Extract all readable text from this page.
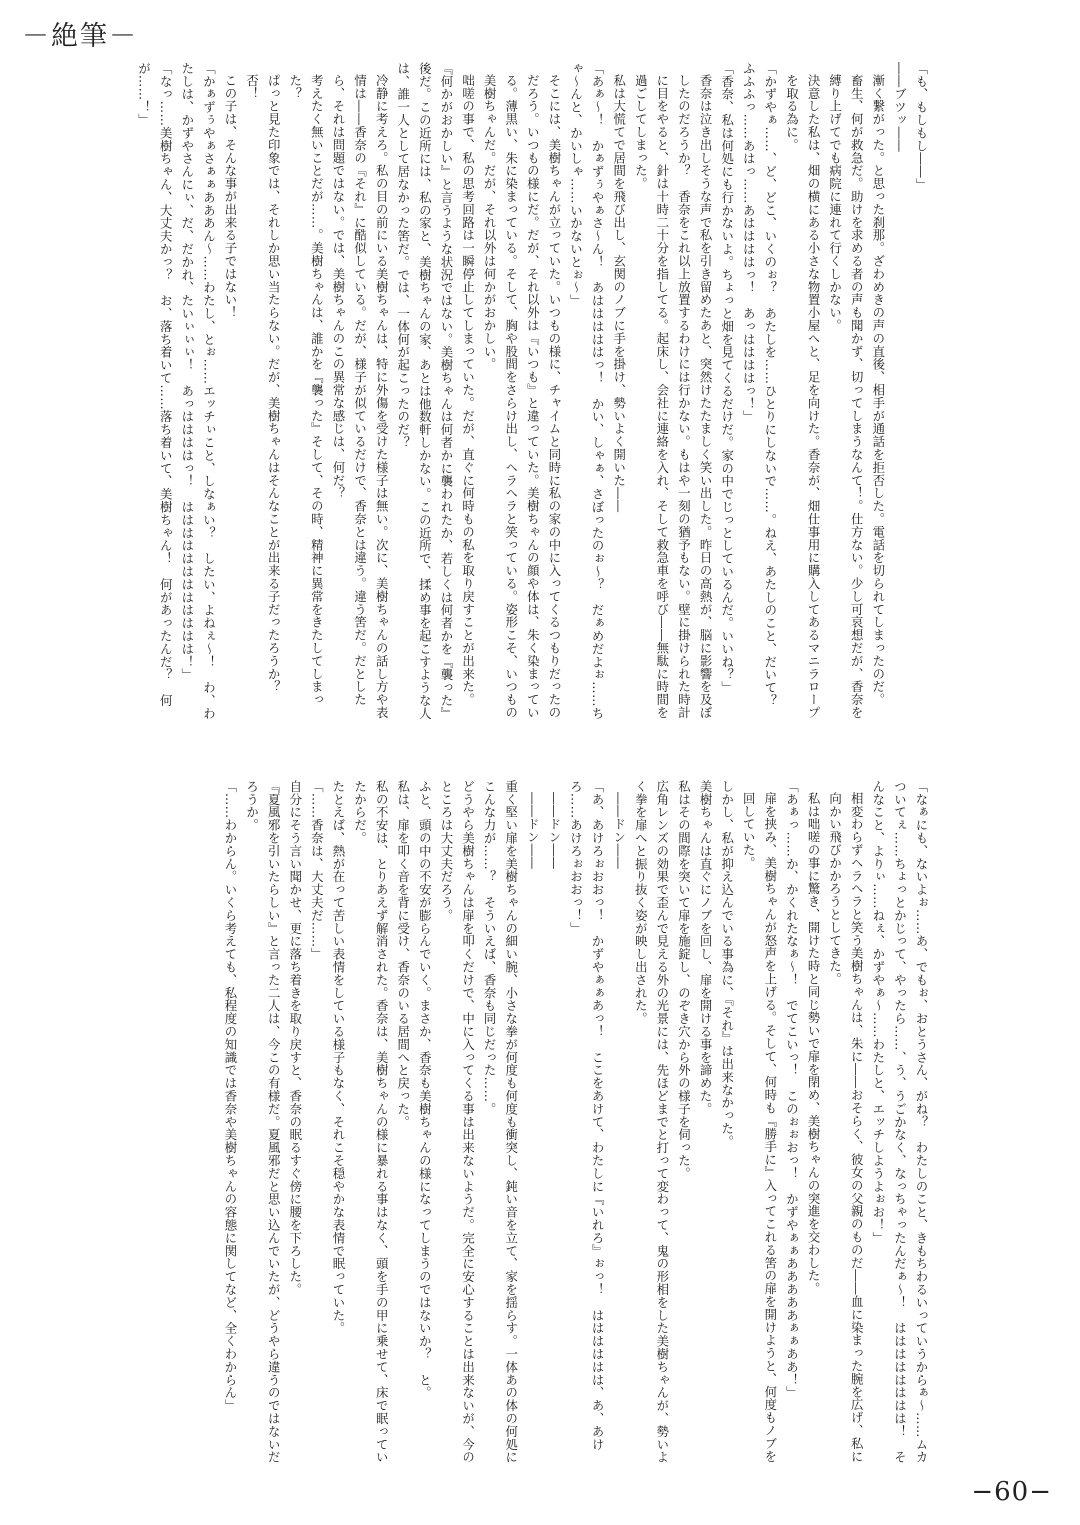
－絶筆－

「も、もしもし――」

――ブツッ――

漸く繋がった。と思った刹那。ざわめきの声の直後、相手が通話を拒否した。電話を切られてしまったのだ。

畜生、何が救急だ。助けを求める者の声も聞かず、切ってしまうなんて！。仕方ない。少し可哀想だが、香奈を縛り上げてでも病院に連れて行くしかない。

決意した私は、畑の横にある小さな物置小屋へと、足を向けた。香奈が、畑仕事用に購入してあるマニラロープを取る為に。

「かずやぁ……、ど、どこ、いくのぉ？　あたしを……ひとりにしないで……。ねえ、あたしのこと、だいて？　ふふふっ……あはっ……あははははっ！　あっははははっ！」

「香奈、私は何処にも行かないよ。ちょっと畑を見てくるだけだ。家の中でじっとしているんだ。いいね？」

香奈は泣き出しそうな声で私を引き留めたあと、突然けたたましく笑い出した。昨日の高熱が、脳に影響を及ぼしたのだろうか？　香奈をこれ以上放置するわけには行かない。もはや一刻の猶予もない。壁に掛けられた時計に目をやると、針は十時二十分を指してる。起床し、会社に連絡を入れ、そして救急車を呼び――無駄に時間を過ごしてしまった。

私は大慌てで居間を飛び出し、玄関のノブに手を掛け、勢いよく開いた――

「あぁ～！　かぁずぅやぁさ～ん！　あはははははっ！　かい、しゃぁ、さぼったのぉ～？　だぁめだよぉ……ちゃ～んと、かいしゃ……いかないとぉ～」

そこには、美樹ちゃんが立っていた。いつもの様に、チャイムと同時に私の家の中に入ってくるつもりだったのだろう。いつもの様にだ。だが、それ以外は『いつも』と違っていた。美樹ちゃんの顔や体は、朱く染まっている。薄黒い、朱に染まっている。そして、胸や股間をさらけ出し、ヘラヘラと笑っている。姿形こそ、いつもの美樹ちゃんだ。だが、それ以外は何かがおかしい。

咄嗟の事で、私の思考回路は一瞬停止してしまっていた。だが、直ぐに何時もの私を取り戻すことが出来た。

『何かがおかしい』と言うような状況ではない。美樹ちゃんは何者かに襲われたか、若しくは何者かを『襲った』後だ。この近所には、私の家と、美樹ちゃんの家、あとは他数軒しかない。この近所で、揉め事を起こすような人は、誰一人として居なかった筈だ。では、一体何が起こったのだ？

冷静に考えろ。私の目の前にいる美樹ちゃんは、特に外傷を受けた様子は無い。次に、美樹ちゃんの話し方や表情は――香奈の『それ』に酷似している。だが、様子が似ているだけで、香奈とは違う。違う筈だ。だとしたら、それは問題ではない。では、美樹ちゃんのこの異常な感じは、何だ？

考えたく無いことだが……。美樹ちゃんは、誰かを『襲った』そして、その時、精神に異常をきたしてしまった？

ぱっと見た印象では、それしか思い当たらない。だが、美樹ちゃんはそんなことが出来る子だったろうか？

否！

この子は、そんな事が出来る子ではない！

「かぁずぅやぁさぁぁあああん～……わたし、とぉ……エッチぃこと、しなぁい？　したい、よねぇ～！　わ、わたしは、かずやさんにぃ、だ、だかれ、たいぃぃぃ！　あっははははっ！　はははははははははははは！」

「なっ……美樹ちゃん、大丈夫かっ？　お、落ち着いて……落ち着いて、美樹ちゃん！　何があったんだ？　何が……！」

「なぁにも、ないよぉ……あ、でもぉ、おとうさん、がね？　わたしのこと、きもちわるいっていうからぁ～……ムカついてぇ……ちょっとかじって、やったら……、う、うごかなく、なっちゃったんだぁ～！　はははははははは！　そんなこと、よりぃ……ねぇ、かずやぁ～……わたしと、エッチしようよぉお！」

相変わらずヘラヘラと笑う美樹ちゃんは、朱に――おそらく、彼女の父親のものだ――血に染まった腕を広げ、私に向かい飛びかかろうとしてきた。

私は咄嗟の事に驚き、開けた時と同じ勢いで扉を閉め、美樹ちゃんの突進を交わした。

「あぁっ……か、かくれたなぁ～！　でてこいっ！　このぉぉおっ！　かずやぁぁあああああぁぁああ！」

扉を挟み、美樹ちゃんが怒声を上げる。そして、何時も『勝手に』入ってこれる筈の扉を開けようと、何度もノブを回していた。

しかし、私が抑え込んでいる事為に、『それ』は出来なかった。

美樹ちゃんは直ぐにノブを回し、扉を開ける事を諦めた。

私はその間際を突いて扉を施錠し、のぞき穴から外の様子を伺った。

広角レンズの効果で歪んで見える外の光景には、先ほどまでと打って変わって、鬼の形相をした美樹ちゃんが、勢いよく拳を扉へと振り抜く姿が映し出された。

――ドン――

「あ、あけろぉおおっ！　かずやぁぁあっ！　ここをあけて、わたしに『いれろ』ぉっ！　はははははは、あ、あけろ……あけろぉおおっ！」

――ドン――

――ドン――

重く堅い扉を美樹ちゃんの細い腕、小さな拳が何度も何度も衝突し、鈍い音を立て、家を揺らす。一体あの体の何処にこんな力が……？　そういえば、香奈も同じだった……。

どうやら美樹ちゃんは扉を叩くだけで、中に入ってくる事は出来ないようだ。完全に安心することは出来ないが、今のところは大丈夫だろう。

ふと、頭の中の不安が膨らんでいく。まさか、香奈も美樹ちゃんの様になってしまうのではないか？　と。

私は、扉を叩く音を背に受け、香奈のいる居間へと戻った。

私の不安は、とりあえず解消された。香奈は、美樹ちゃんの様に暴れる事はなく、頭を手の甲に乗せて、床で眠っていたからだ。

たとえば、熱が在って苦しい表情をしている様子もなく、それこそ穏やかな表情で眠っていた。

「……香奈は、大丈夫だ……」

自分にそう言い聞かせ、更に落ち着きを取り戻すと、香奈の眠るすぐ傍に腰を下ろした。

『夏風邪を引いたらしい』と言った二人は、今この有様だ。夏風邪だと思い込んでいたが、どうやら違うのではないだろうか。

「……わからん。いくら考えても、私程度の知識では香奈や美樹ちゃんの容態に関してなど、全くわからん」

−60−
